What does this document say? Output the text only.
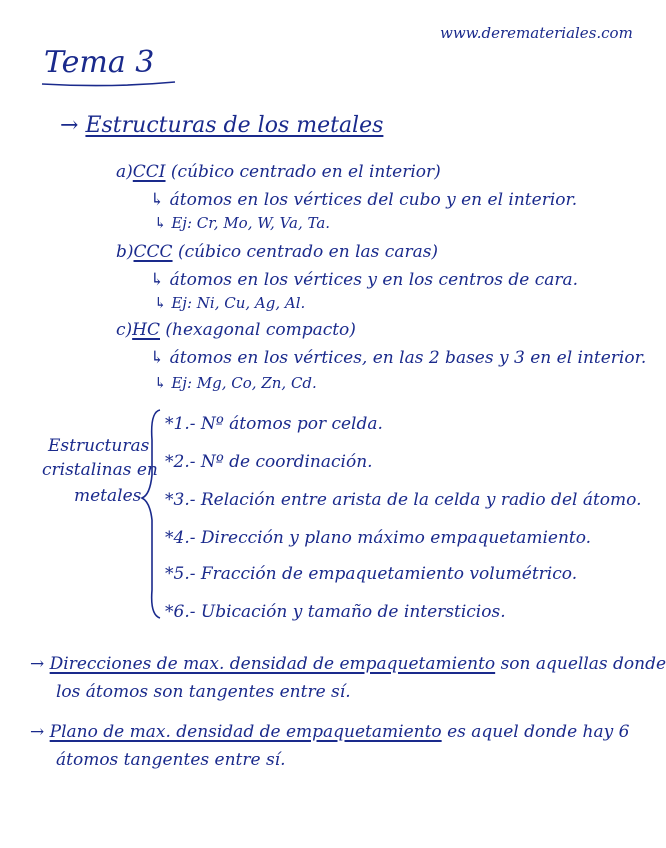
www.deremateriales.com
Tema 3
→ Estructuras de los metales
a)CCI (cúbico centrado en el interior)
↳ átomos en los vértices del cubo y en el interior.
↳ Ej: Cr, Mo, W, Va, Ta.
b)CCC (cúbico centrado en las caras)
↳ átomos en los vértices y en los centros de cara.
↳ Ej: Ni, Cu, Ag, Al.
c)HC (hexagonal compacto)
↳ átomos en los vértices, en las 2 bases y 3 en el interior.
↳ Ej: Mg, Co, Zn, Cd.
Estructuras
cristalinas en
metales
*1.- Nº átomos por celda.
*2.- Nº de coordinación.
*3.- Relación entre arista de la celda y radio del átomo.
*4.- Dirección y plano máximo empaquetamiento.
*5.- Fracción de empaquetamiento volumétrico.
*6.- Ubicación y tamaño de intersticios.
→ Direcciones de max. densidad de empaquetamiento son aquellas donde
los átomos son tangentes entre sí.
→ Plano de max. densidad de empaquetamiento es aquel donde hay 6
átomos tangentes entre sí.
